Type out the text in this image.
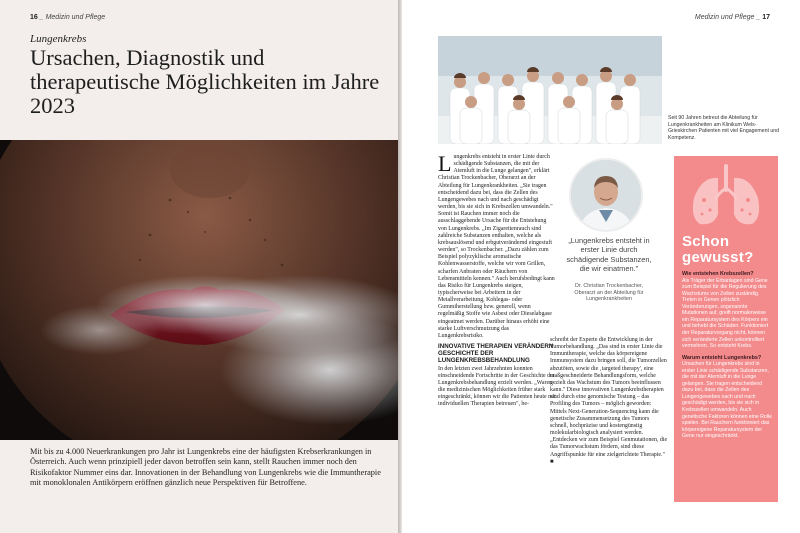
16 _ Medizin und Pflege
Lungenkrebs
Ursachen, Diagnostik und therapeutische Möglichkeiten im Jahre 2023

Mit bis zu 4.000 Neuerkrankungen pro Jahr ist Lungenkrebs eine der häufigsten Krebserkrankungen in Österreich. Auch wenn prinzipiell jeder davon betroffen sein kann, stellt Rauchen immer noch den Risikofaktor Nummer eins dar. Innovationen in der Behandlung von Lungenkrebs wie die Immuntherapie mit monoklonalen Antikörpern eröffnen gänzlich neue Perspektiven für Betroffene.

Medizin und Pflege _ 17

Seit 90 Jahren betreut die Abteilung für Lungenkrankheiten am Klinikum Wels-Grieskirchen Patienten mit viel Engagement und Kompetenz.

Lungenkrebs entsteht in erster Linie durch schädigende Substanzen, die mit der Atemluft in die Lunge gelangen", erklärt Christian Trockenbacher, Oberarzt an der Abteilung für Lungenkrankheiten. „Sie tragen entscheidend dazu bei, dass die Zellen des Lungengewebes nach und nach geschädigt werden, bis sie sich in Krebszellen umwandeln." Somit ist Rauchen immer noch die ausschlaggebende Ursache für die Entstehung von Lungenkrebs. „Im Zigarettenrauch sind zahlreiche Substanzen enthalten, welche als krebsauslösend und erbgutverändernd eingestuft werden", so Trockenbacher. „Dazu zählen zum Beispiel polyzyklische aromatische Kohlenwasserstoffe, welche wir vom Grillen, scharfen Anbraten oder Räuchern von Lebensmitteln kennen." Auch berufsbedingt kann das Risiko für Lungenkrebs steigen, typischerweise bei Arbeitern in der Metallverarbeitung, Kohlegas- oder Gummiherstellung bzw. generell, wenn regelmäßig Stoffe wie Asbest oder Dieselabgase eingeatmet werden. Darüber hinaus erhöht eine starke Luftverschmutzung das Lungenkrebsrisiko.

INNOVATIVE THERAPIEN VERÄNDERN GESCHICHTE DER LUNGENKREBSBEHANDLUNG

In den letzten zwei Jahrzehnten konnten einschneidende Fortschritte in der Geschichte der Lungenkrebsbehandlung erzielt werden. „Waren die medizinischen Möglichkeiten früher stark eingeschränkt, können wir die Patienten heute mit individuellen Therapien betreuen", be-

„Lungenkrebs entsteht in erster Linie durch schädigende Substanzen, die wir einatmen."

Dr. Christian Trockenbacher, Oberarzt an der Abteilung für Lungenkrankheiten

schreibt der Experte die Entwicklung in der Tumorbehandlung. „Das sind in erster Linie die Immuntherapie, welche das körpereigene Immunsystem dazu bringen soll, die Tumorzellen abzutöten, sowie die ‚targeted therapy', eine maßgeschneiderte Behandlungsform, welche gezielt das Wachstum des Tumors beeinflussen kann." Diese innovativen Lungenkrebstherapien sind durch eine genomische Testung – das Profiling des Tumors – möglich geworden: Mittels Next-Generation-Sequencing kann die genetische Zusammensetzung des Tumors schnell, hochpräzise und kostengünstig molekularbiologisch analysiert werden. „Entdecken wir zum Beispiel Genmutationen, die das Tumorwachstum fördern, sind diese Angriffspunkte für eine zielgerichtete Therapie." ■

Schon gewusst?

Wie entstehen Krebszellen?

Als Träger der Erbanlagen sind Gene zum Beispiel für die Regulierung des Wachstums von Zellen zuständig. Treten in Genen plötzlich Veränderungen, sogenannte Mutationen auf, greift normalerweise ein Reparatursystem des Körpers ein und behebt die Schäden. Funktioniert der Reparaturvorgang nicht, können sich veränderte Zellen unkontrolliert vermehren. So entsteht Krebs.

Warum entsteht Lungenkrebs?

Ursachen für Lungenkrebs sind in erster Linie schädigende Substanzen, die mit der Atemluft in die Lunge gelangen. Sie tragen entscheidend dazu bei, dass die Zellen des Lungengewebes nach und nach geschädigt werden, bis sie sich in Krebszellen umwandeln. Auch genetische Faktoren können eine Rolle spielen. Bei Rauchern funktioniert das körpereigene Reparatursystem der Gene nur eingeschränkt.
